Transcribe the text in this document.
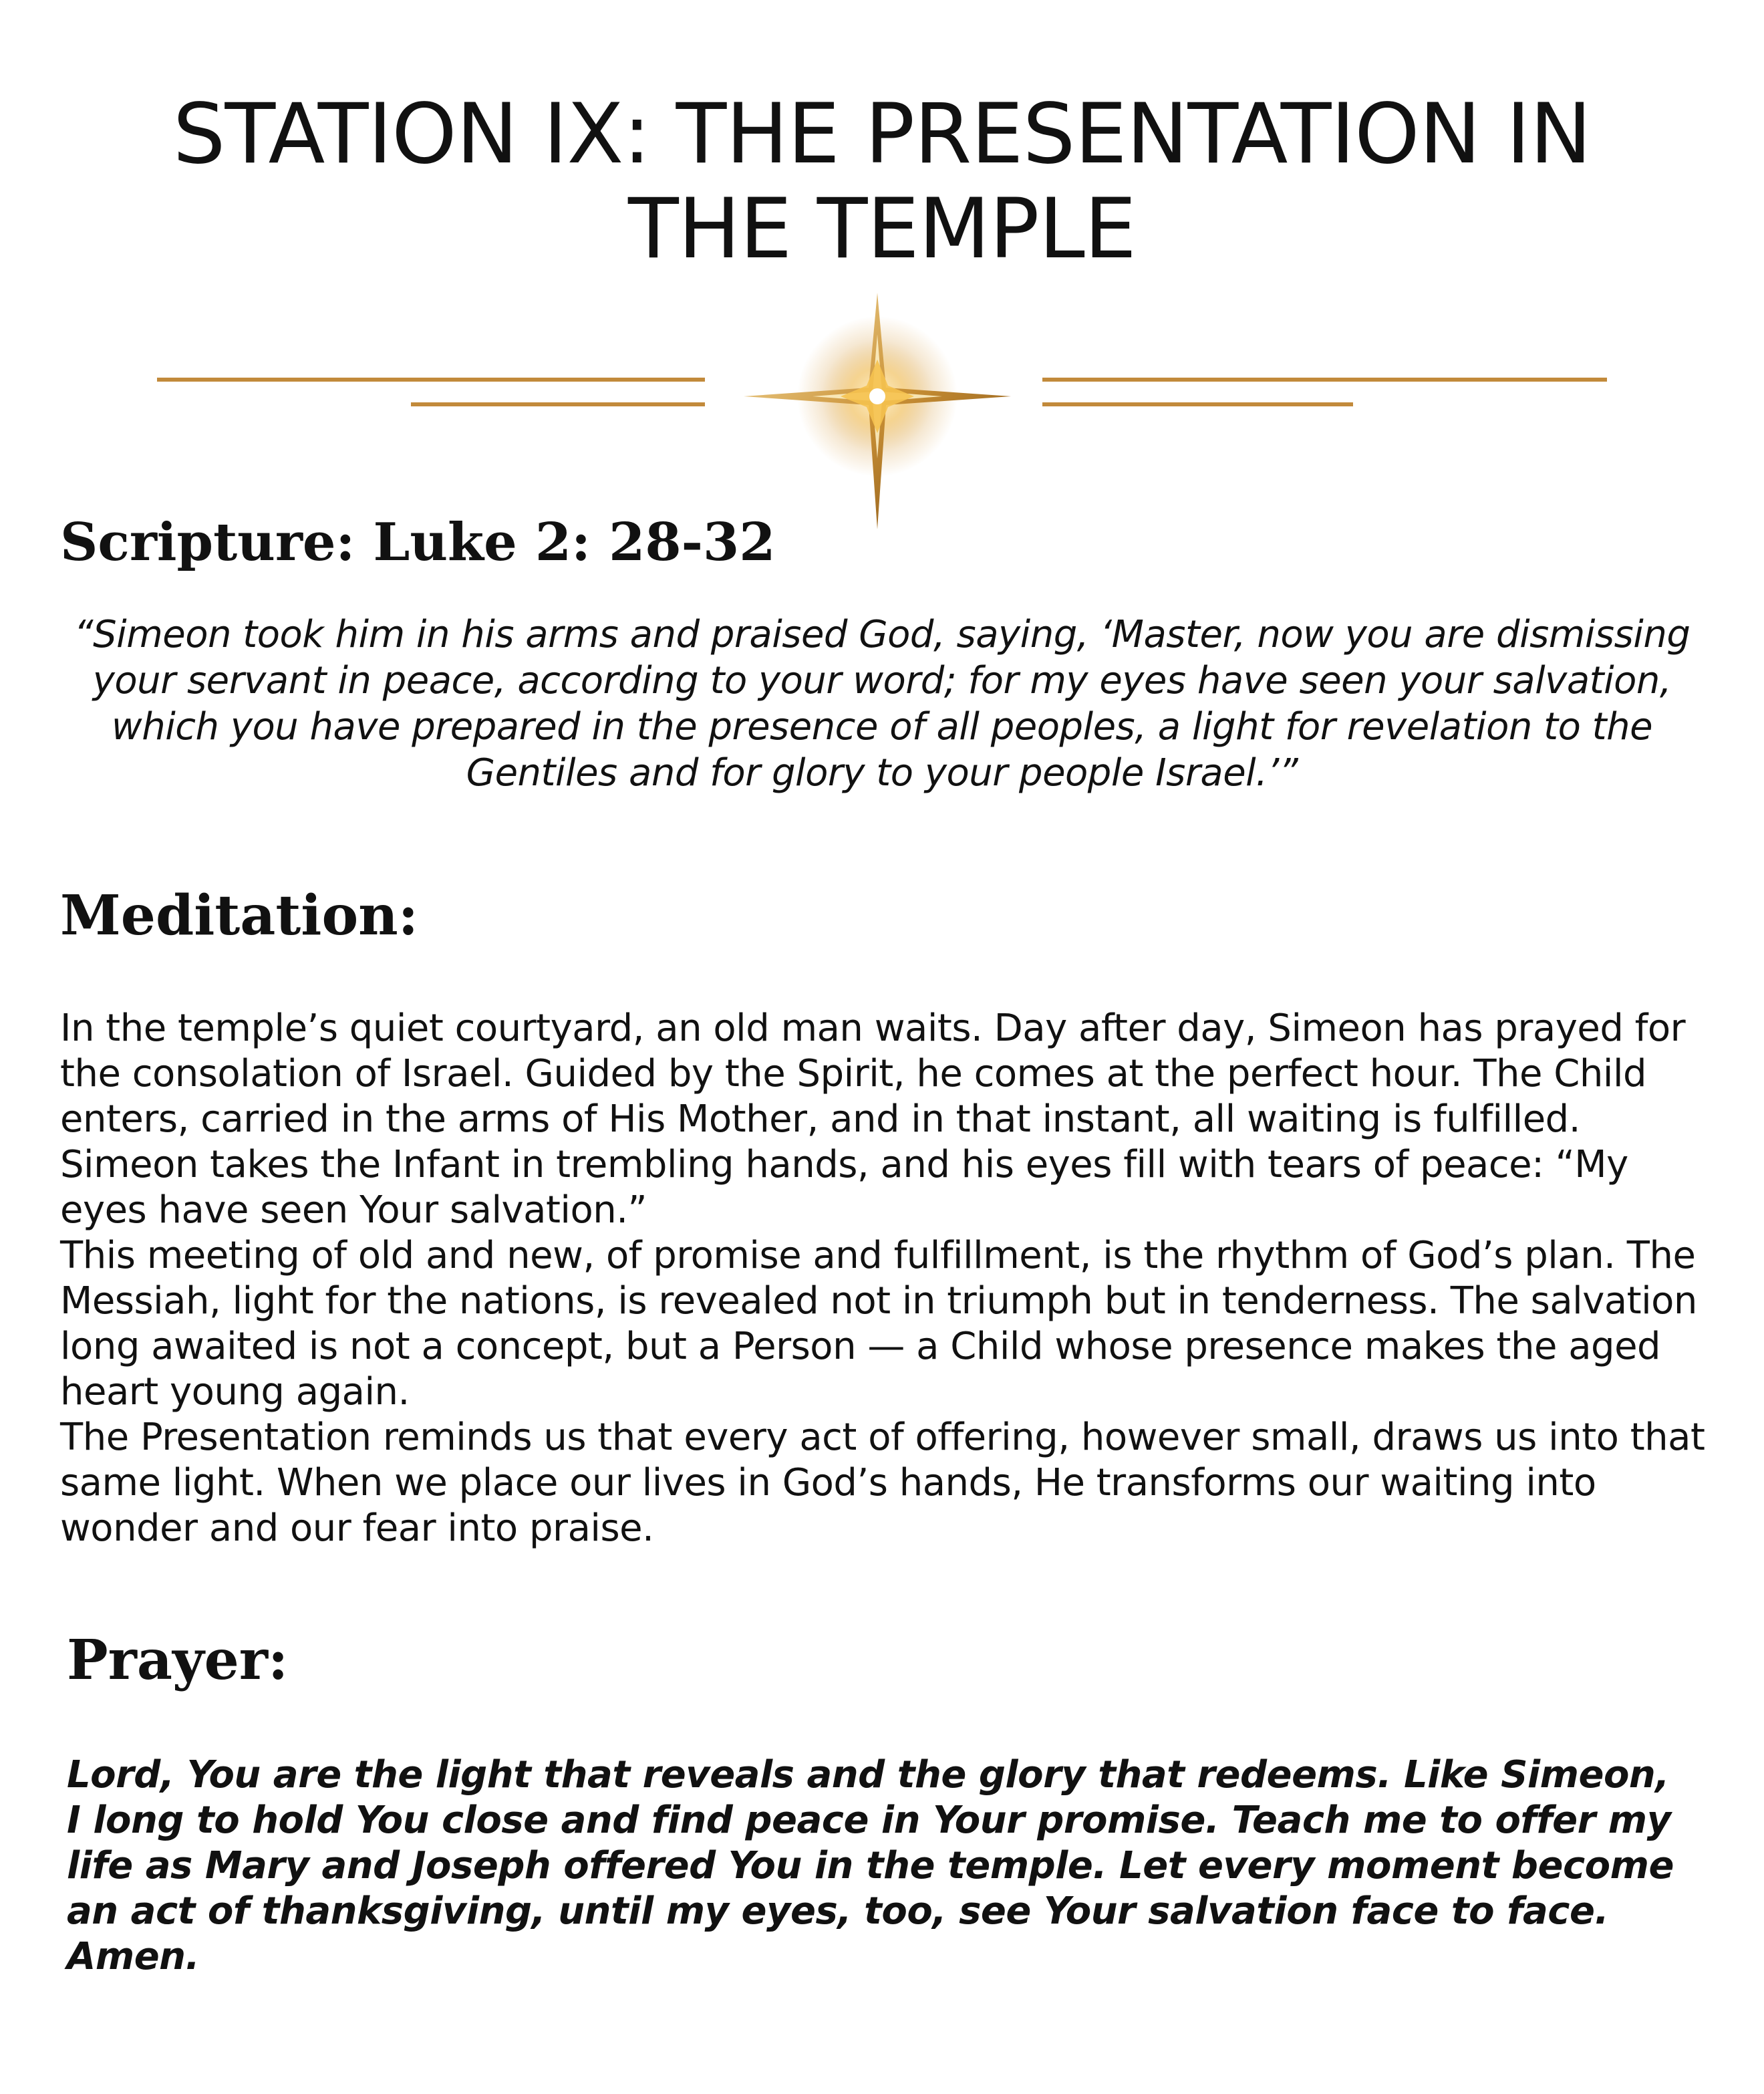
STATION IX: THE PRESENTATION IN THE TEMPLE
Scripture: Luke 2: 28-32

“Simeon took him in his arms and praised God, saying, ‘Master, now you are dismissing your servant in peace, according to your word; for my eyes have seen your salvation, which you have prepared in the presence of all peoples, a light for revelation to the Gentiles and for glory to your people Israel.’”

Meditation:

In the temple’s quiet courtyard, an old man waits. Day after day, Simeon has prayed for the consolation of Israel. Guided by the Spirit, he comes at the perfect hour. The Child enters, carried in the arms of His Mother, and in that instant, all waiting is fulfilled. Simeon takes the Infant in trembling hands, and his eyes fill with tears of peace: “My eyes have seen Your salvation.”

This meeting of old and new, of promise and fulfillment, is the rhythm of God’s plan. The Messiah, light for the nations, is revealed not in triumph but in tenderness. The salvation long awaited is not a concept, but a Person — a Child whose presence makes the aged heart young again.

The Presentation reminds us that every act of offering, however small, draws us into that same light. When we place our lives in God’s hands, He transforms our waiting into wonder and our fear into praise.

Prayer:

Lord, You are the light that reveals and the glory that redeems. Like Simeon, I long to hold You close and find peace in Your promise. Teach me to offer my life as Mary and Joseph offered You in the temple. Let every moment become an act of thanksgiving, until my eyes, too, see Your salvation face to face. Amen.
